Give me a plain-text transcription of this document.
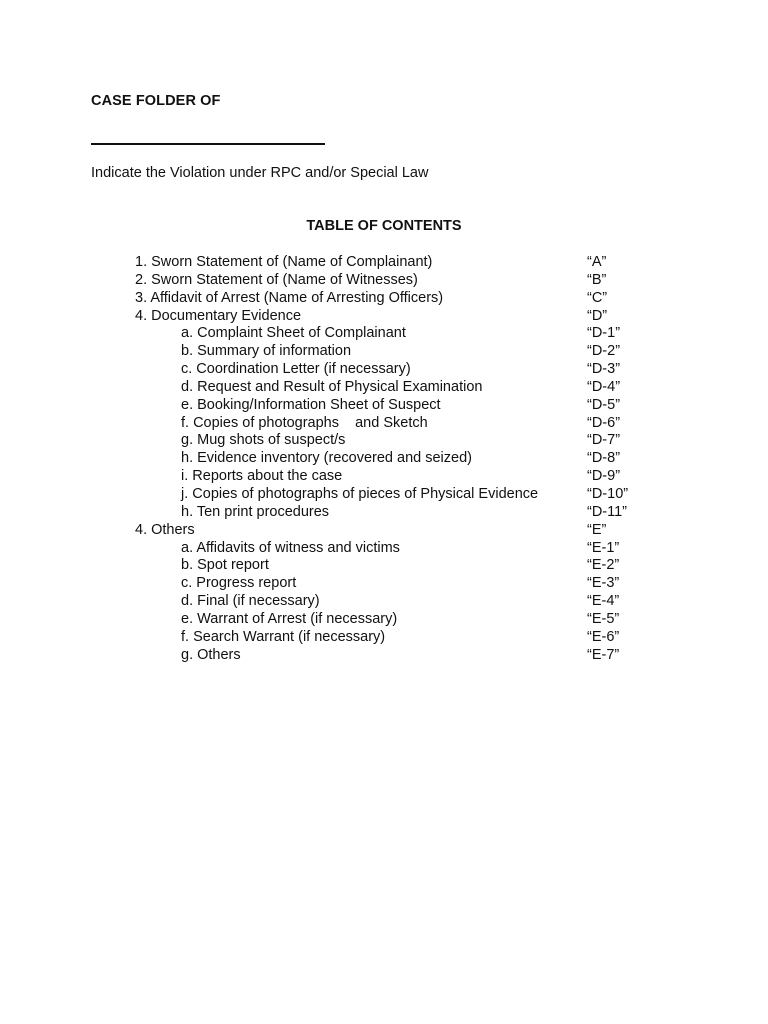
CASE FOLDER OF
Indicate the Violation under RPC and/or Special Law
TABLE OF CONTENTS
1. Sworn Statement of (Name of Complainant)	“A”
2. Sworn Statement of (Name of Witnesses)	“B”
3. Affidavit of Arrest (Name of Arresting Officers)	“C”
4. Documentary Evidence	“D”
a. Complaint Sheet of Complainant	“D-1”
b. Summary of information	“D-2”
c. Coordination Letter (if necessary)	“D-3”
d. Request and Result of Physical Examination	“D-4”
e. Booking/Information Sheet of Suspect	“D-5”
f. Copies of photographs    and Sketch	“D-6”
g. Mug shots of suspect/s	“D-7”
h. Evidence inventory (recovered and seized)	“D-8”
i. Reports about the case	“D-9”
j. Copies of photographs of pieces of Physical Evidence	“D-10”
h. Ten print procedures	“D-11”
4. Others	“E”
a. Affidavits of witness and victims	“E-1”
b. Spot report	“E-2”
c. Progress report	“E-3”
d. Final (if necessary)	“E-4”
e. Warrant of Arrest (if necessary)	“E-5”
f. Search Warrant (if necessary)	“E-6”
g. Others	“E-7”
